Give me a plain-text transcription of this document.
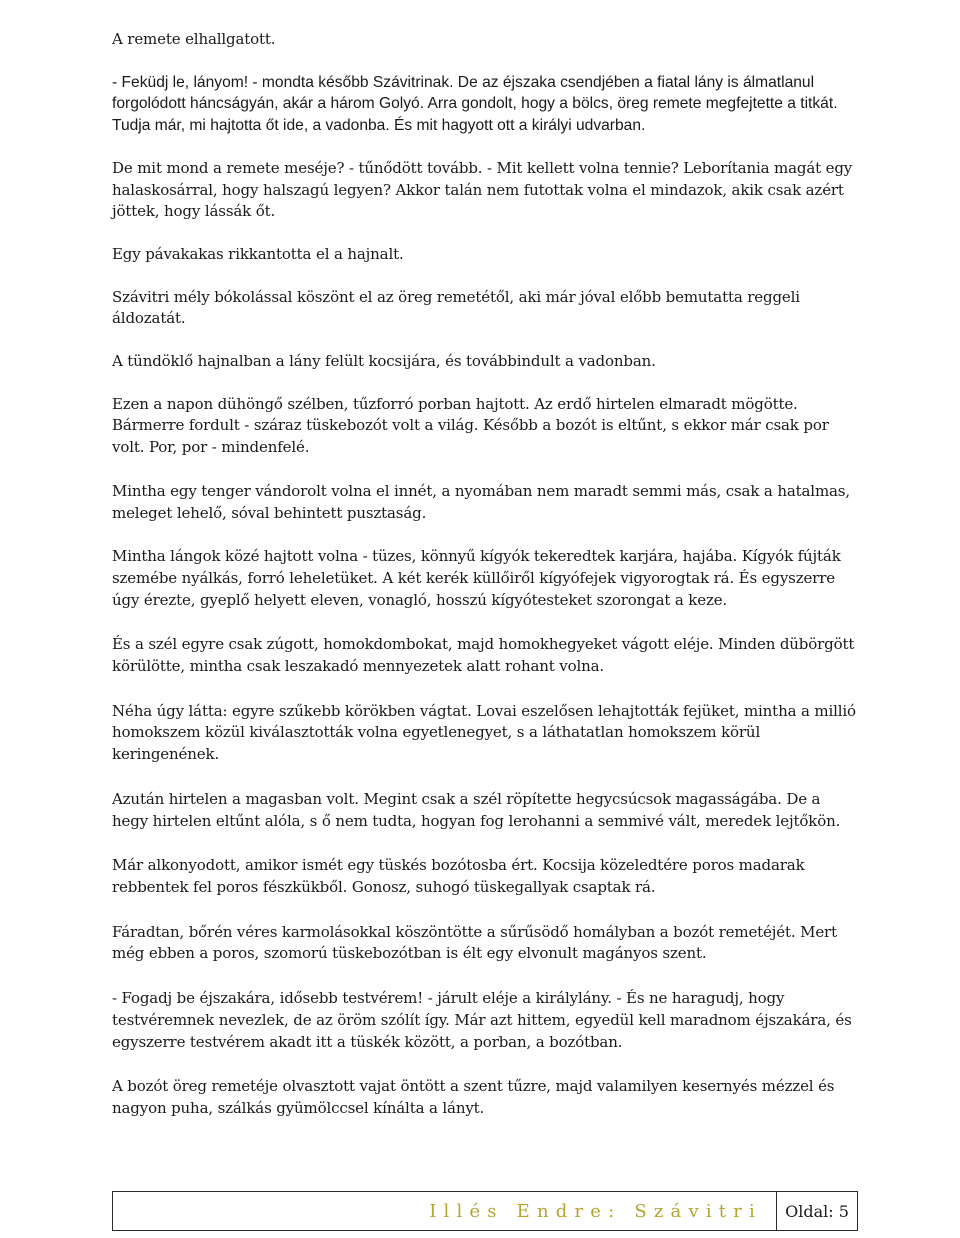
A remete elhallgatott.

- Feküdj le, lányom! - mondta később Szávitrinak. De az éjszaka csendjében a fiatal lány is álmatlanul forgolódott háncságyán, akár a három Golyó. Arra gondolt, hogy a bölcs, öreg remete megfejtette a titkát. Tudja már, mi hajtotta őt ide, a vadonba. És mit hagyott ott a királyi udvarban.

De mit mond a remete meséje? - tűnődött tovább. - Mit kellett volna tennie? Leborítania magát egy halaskosárral, hogy halszagú legyen? Akkor talán nem futottak volna el mindazok, akik csak azért jöttek, hogy lássák őt.

Egy pávakakas rikkantotta el a hajnalt.

Szávitri mély bókolással köszönt el az öreg remetétől, aki már jóval előbb bemutatta reggeli áldozatát.

A tündöklő hajnalban a lány felült kocsijára, és továbbindult a vadonban.

Ezen a napon dühöngő szélben, tűzforró porban hajtott. Az erdő hirtelen elmaradt mögötte. Bármerre fordult - száraz tüskebozót volt a világ. Később a bozót is eltűnt, s ekkor már csak por volt. Por, por - mindenfelé.

Mintha egy tenger vándorolt volna el innét, a nyomában nem maradt semmi más, csak a hatalmas, meleget lehelő, sóval behintett pusztaság.

Mintha lángok közé hajtott volna - tüzes, könnyű kígyók tekeredtek karjára, hajába. Kígyók fújták szemébe nyálkás, forró leheletüket. A két kerék küllőiről kígyófejek vigyorogtak rá. És egyszerre úgy érezte, gyeplő helyett eleven, vonagló, hosszú kígyótesteket szorongat a keze.

És a szél egyre csak zúgott, homokdombokat, majd homokhegyeket vágott eléje. Minden dübörgött körülötte, mintha csak leszakadó mennyezetek alatt rohant volna.

Néha úgy látta: egyre szűkebb körökben vágtat. Lovai eszelősen lehajtották fejüket, mintha a millió homokszem közül kiválasztották volna egyetlenegyet, s a láthatatlan homokszem körül keringenének.

Azután hirtelen a magasban volt. Megint csak a szél röpítette hegycsúcsok magasságába. De a hegy hirtelen eltűnt alóla, s ő nem tudta, hogyan fog lerohanni a semmivé vált, meredek lejtőkön.

Már alkonyodott, amikor ismét egy tüskés bozótosba ért. Kocsija közeledtére poros madarak rebbentek fel poros fészkükből. Gonosz, suhogó tüskegallyak csaptak rá.

Fáradtan, bőrén véres karmolásokkal köszöntötte a sűrűsödő homályban a bozót remetéjét. Mert még ebben a poros, szomorú tüskebozótban is élt egy elvonult magányos szent.

- Fogadj be éjszakára, idősebb testvérem! - járult eléje a királylány. - És ne haragudj, hogy testvéremnek nevezlek, de az öröm szólít így. Már azt hittem, egyedül kell maradnom éjszakára, és egyszerre testvérem akadt itt a tüskék között, a porban, a bozótban.

A bozót öreg remetéje olvasztott vajat öntött a szent tűzre, majd valamilyen kesernyés mézzel és nagyon puha, szálkás gyümölccsel kínálta a lányt.

Illés Endre: Szávitri	Oldal: 5
